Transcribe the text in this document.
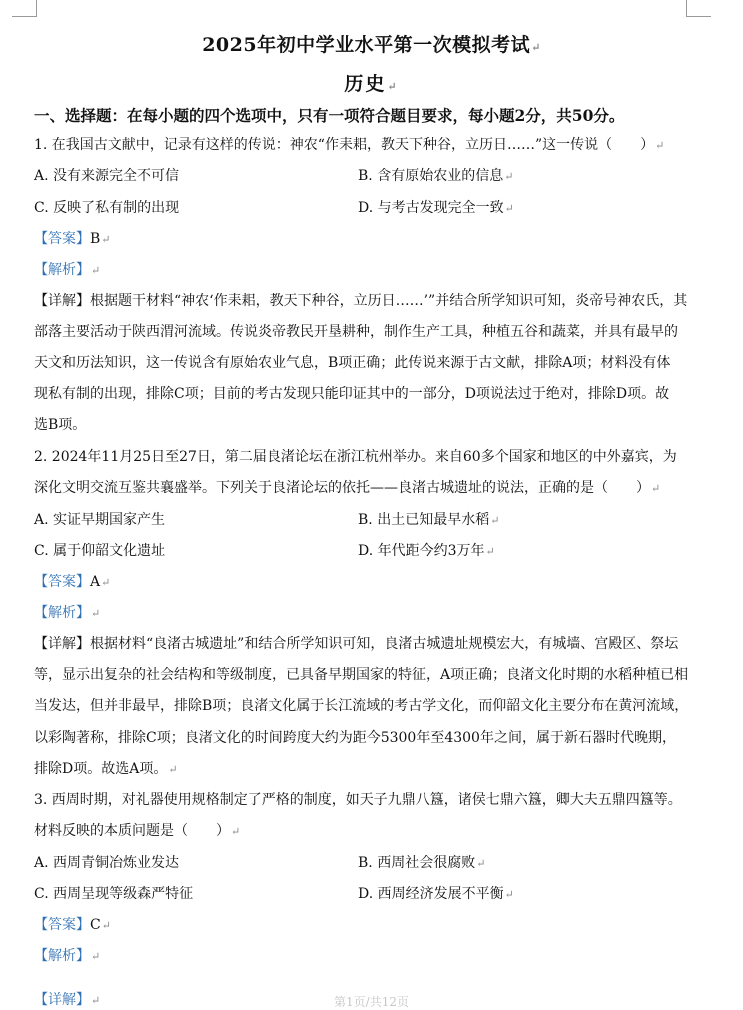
2025年初中学业水平第一次模拟考试↵
历史↵
一、选择题：在每小题的四个选项中，只有一项符合题目要求，每小题2分，共50分。
1. 在我国古文献中，记录有这样的传说：神农“作耒耜，教天下种谷，立历日……”这一传说（　　）↵
A. 没有来源完全不可信	B. 含有原始农业的信息↵
C. 反映了私有制的出现	D. 与考古发现完全一致↵
【答案】B↵
【解析】↵
【详解】根据题干材料“神农‘作耒耜，教天下种谷，立历日……’”并结合所学知识可知，炎帝号神农氏，其
部落主要活动于陕西渭河流域。传说炎帝教民开垦耕种，制作生产工具，种植五谷和蔬菜，并具有最早的
天文和历法知识，这一传说含有原始农业气息，B项正确；此传说来源于古文献，排除A项；材料没有体
现私有制的出现，排除C项；目前的考古发现只能印证其中的一部分，D项说法过于绝对，排除D项。故
选B项。
2. 2024年11月25日至27日，第二届良渚论坛在浙江杭州举办。来自60多个国家和地区的中外嘉宾，为
深化文明交流互鉴共襄盛举。下列关于良渚论坛的依托——良渚古城遗址的说法，正确的是（　　）↵
A. 实证早期国家产生	B. 出土已知最早水稻↵
C. 属于仰韶文化遗址	D. 年代距今约3万年↵
【答案】A↵
【解析】↵
【详解】根据材料“良渚古城遗址”和结合所学知识可知，良渚古城遗址规模宏大，有城墙、宫殿区、祭坛
等，显示出复杂的社会结构和等级制度，已具备早期国家的特征，A项正确；良渚文化时期的水稻种植已相
当发达，但并非最早，排除B项；良渚文化属于长江流域的考古学文化，而仰韶文化主要分布在黄河流域，
以彩陶著称，排除C项；良渚文化的时间跨度大约为距今5300年至4300年之间，属于新石器时代晚期，
排除D项。故选A项。↵
3. 西周时期，对礼器使用规格制定了严格的制度，如天子九鼎八簋，诸侯七鼎六簋，卿大夫五鼎四簋等。
材料反映的本质问题是（　　）↵
A. 西周青铜冶炼业发达	B. 西周社会很腐败↵
C. 西周呈现等级森严特征	D. 西周经济发展不平衡↵
【答案】C↵
【解析】↵
【详解】↵	第1页/共12页
